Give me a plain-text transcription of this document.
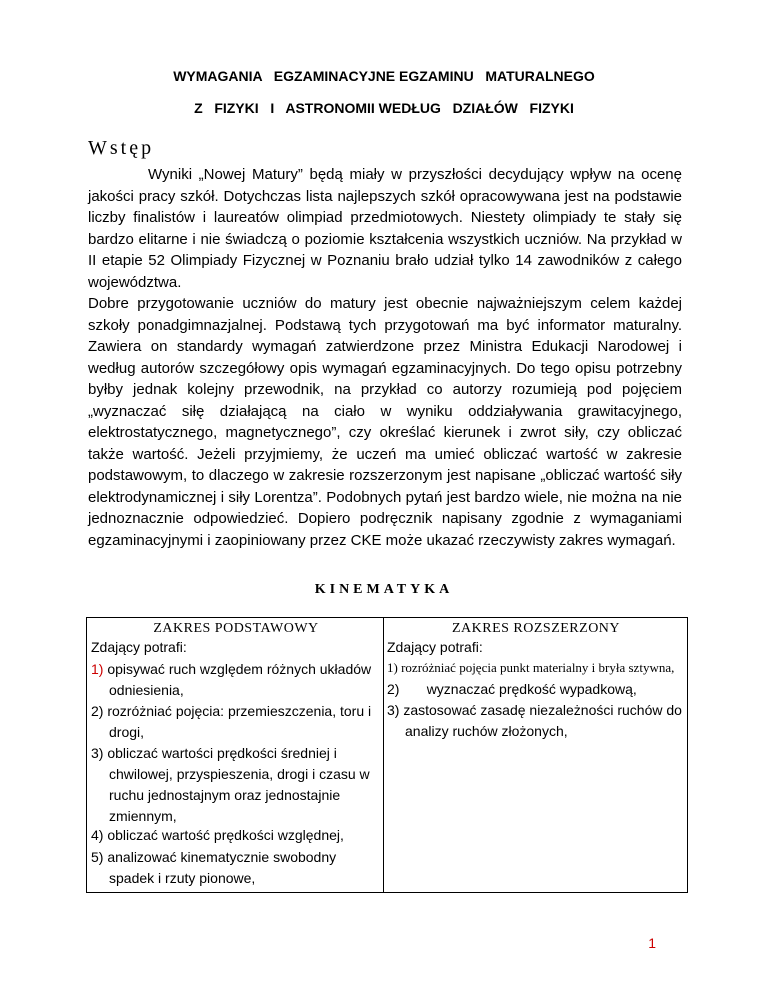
WYMAGANIA   EGZAMINACYJNE EGZAMINU   MATURALNEGO
Z   FIZYKI   I   ASTRONOMII WEDŁUG   DZIAŁÓW   FIZYKI
Wstęp

Wyniki „Nowej Matury” będą miały w przyszłości decydujący wpływ na ocenę jakości pracy szkół. Dotychczas lista najlepszych szkół opracowywana jest na podstawie liczby finalistów i laureatów olimpiad przedmiotowych. Niestety olimpiady te stały się bardzo elitarne i nie świadczą o poziomie kształcenia wszystkich uczniów. Na przykład w II etapie 52 Olimpiady Fizycznej w Poznaniu brało udział tylko 14 zawodników z całego województwa.

Dobre przygotowanie uczniów do matury jest obecnie najważniejszym celem każdej szkoły ponadgimnazjalnej. Podstawą tych przygotowań ma być informator maturalny. Zawiera on standardy wymagań zatwierdzone przez Ministra Edukacji Narodowej i według autorów szczegółowy opis wymagań egzaminacyjnych. Do tego opisu potrzebny byłby jednak kolejny przewodnik, na przykład co autorzy rozumieją pod pojęciem „wyznaczać siłę działającą na ciało w wyniku oddziaływania grawitacyjnego, elektrostatycznego, magnetycznego”, czy określać kierunek i zwrot siły, czy obliczać także wartość. Jeżeli przyjmiemy, że uczeń ma umieć obliczać wartość w zakresie podstawowym, to dlaczego w zakresie rozszerzonym jest napisane „obliczać wartość siły elektrodynamicznej i siły Lorentza”. Podobnych pytań jest bardzo wiele, nie można na nie jednoznacznie odpowiedzieć. Dopiero podręcznik napisany zgodnie z wymaganiami egzaminacyjnymi i zaopiniowany przez CKE może ukazać rzeczywisty zakres wymagań.

KINEMATYKA
ZAKRES PODSTAWOWY
Zdający potrafi:
1) opisywać ruch względem różnych układów odniesienia,
2) rozróżniać pojęcia: przemieszczenia, toru i drogi,
3) obliczać wartości prędkości średniej i chwilowej, przyspieszenia, drogi i czasu w ruchu jednostajnym oraz jednostajnie zmiennym,
4) obliczać wartość prędkości względnej,
5) analizować kinematycznie swobodny spadek i rzuty pionowe,
ZAKRES ROZSZERZONY
Zdający potrafi:
1) rozróżniać pojęcia punkt materialny i bryła sztywna,
2) wyznaczać prędkość wypadkową,
3) zastosować zasadę niezależności ruchów do analizy ruchów złożonych,
1
